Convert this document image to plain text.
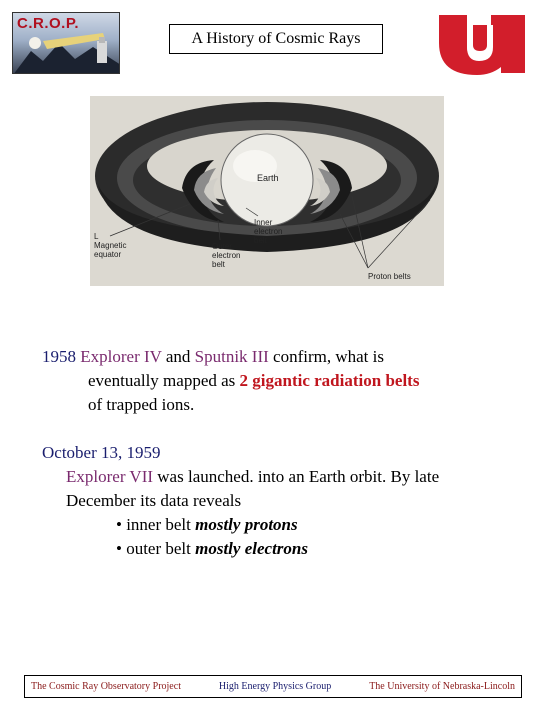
C.R.O.P.
A History of Cosmic Rays
Earth
Inner
electron
belt
Outer
electron
belt
L
Magnetic
equator
Proton belts
1958 Explorer IV and Sputnik III confirm, what is
eventually mapped as 2 gigantic radiation belts
of trapped ions.
October 13, 1959
Explorer VII was launched. into an Earth orbit. By late
December its data reveals
• inner belt mostly protons
• outer belt mostly electrons
The Cosmic Ray Observatory Project	High Energy Physics Group	The University of Nebraska-Lincoln
